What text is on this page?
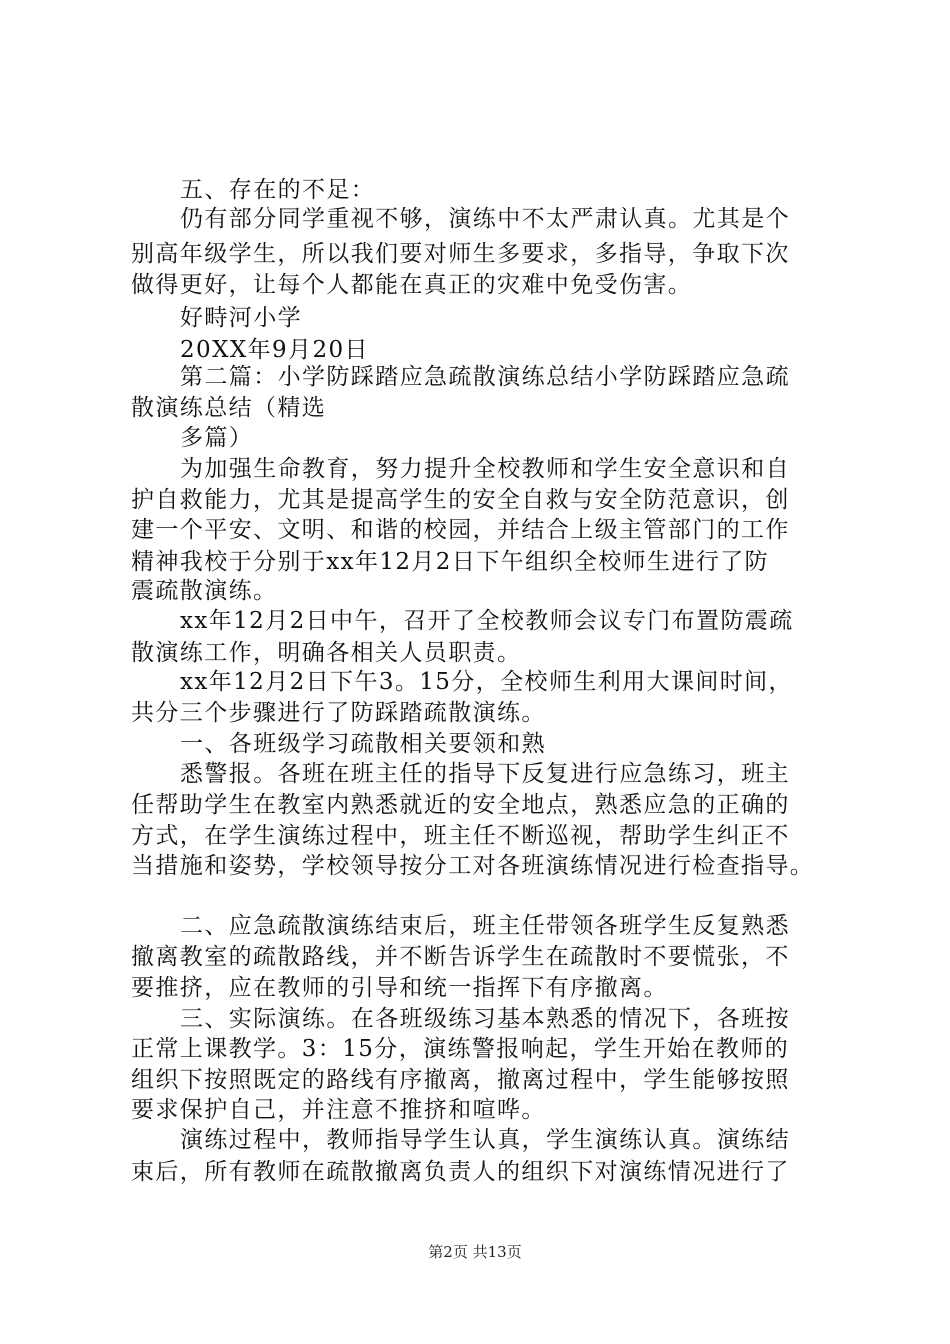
五、存在的不足：
仍有部分同学重视不够，演练中不太严肃认真。尤其是个
别高年级学生，所以我们要对师生多要求，多指导，争取下次
做得更好，让每个人都能在真正的灾难中免受伤害。
好畤河小学
20XX年9月20日
第二篇：小学防踩踏应急疏散演练总结小学防踩踏应急疏
散演练总结（精选
多篇）
为加强生命教育，努力提升全校教师和学生安全意识和自
护自救能力，尤其是提高学生的安全自救与安全防范意识，创
建一个平安、文明、和谐的校园，并结合上级主管部门的工作
精神我校于分别于xx年12月2日下午组织全校师生进行了防
震疏散演练。
xx年12月2日中午，召开了全校教师会议专门布置防震疏
散演练工作，明确各相关人员职责。
xx年12月2日下午3。15分，全校师生利用大课间时间，
共分三个步骤进行了防踩踏疏散演练。
一、各班级学习疏散相关要领和熟
悉警报。各班在班主任的指导下反复进行应急练习，班主
任帮助学生在教室内熟悉就近的安全地点，熟悉应急的正确的
方式，在学生演练过程中，班主任不断巡视，帮助学生纠正不
当措施和姿势，学校领导按分工对各班演练情况进行检查指导。
二、应急疏散演练结束后，班主任带领各班学生反复熟悉
撤离教室的疏散路线，并不断告诉学生在疏散时不要慌张，不
要推挤，应在教师的引导和统一指挥下有序撤离。
三、实际演练。在各班级练习基本熟悉的情况下，各班按
正常上课教学。3：15分，演练警报响起，学生开始在教师的
组织下按照既定的路线有序撤离，撤离过程中，学生能够按照
要求保护自己，并注意不推挤和喧哗。
演练过程中，教师指导学生认真，学生演练认真。演练结
束后，所有教师在疏散撤离负责人的组织下对演练情况进行了
第2页 共13页
